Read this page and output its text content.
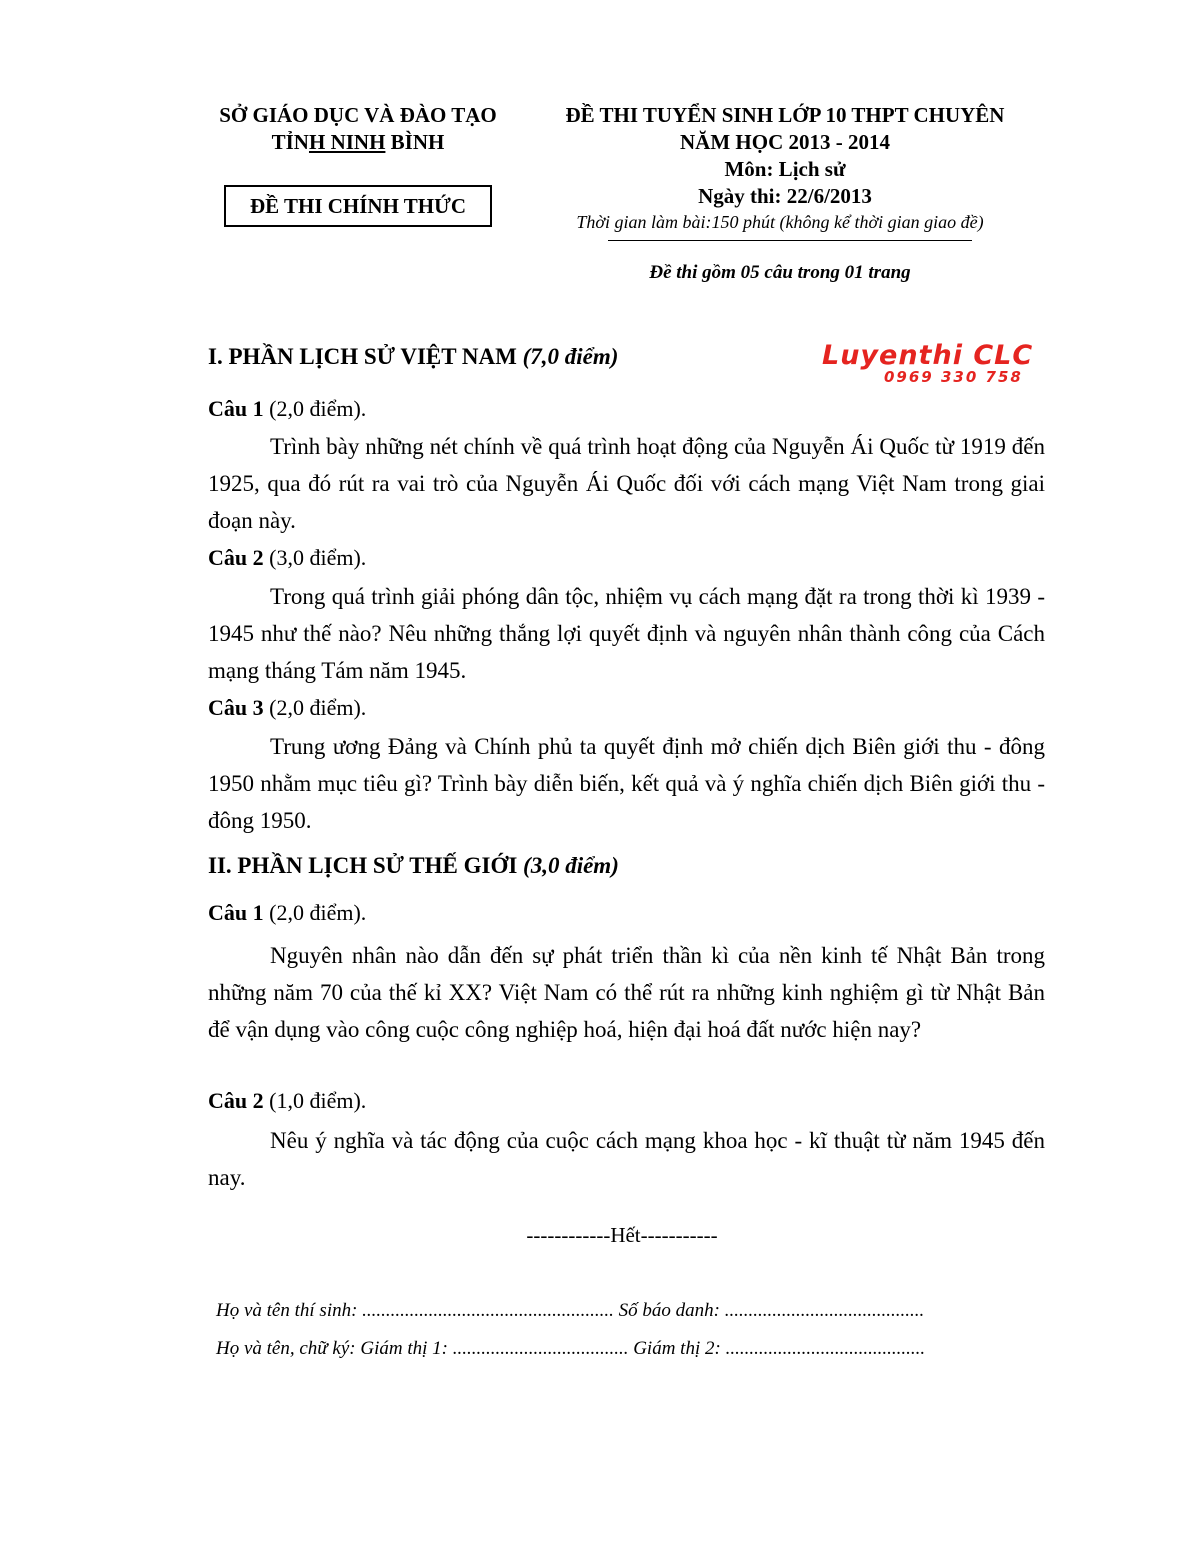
SỞ GIÁO DỤC VÀ ĐÀO TẠO
TỈNH NINH BÌNH
ĐỀ THI CHÍNH THỨC
ĐỀ THI TUYỂN SINH LỚP 10 THPT CHUYÊN
NĂM HỌC 2013 - 2014
Môn: Lịch sử
Ngày thi: 22/6/2013
Thời gian làm bài:150 phút (không kể thời gian giao đề)
Đề thi gồm 05 câu trong 01 trang
Luyenthi CLC
0969 330 758
I. PHẦN LỊCH SỬ VIỆT NAM (7,0 điểm)
Câu 1 (2,0 điểm).
Trình bày những nét chính về quá trình hoạt động của Nguyễn Ái Quốc từ 1919 đến 1925, qua đó rút ra vai trò của Nguyễn Ái Quốc đối với cách mạng Việt Nam trong giai đoạn này.
Câu 2 (3,0 điểm).
Trong quá trình giải phóng dân tộc, nhiệm vụ cách mạng đặt ra trong thời kì 1939 - 1945 như thế nào? Nêu những thắng lợi quyết định và nguyên nhân thành công của Cách mạng tháng Tám năm 1945.
Câu 3 (2,0 điểm).
Trung ương Đảng và Chính phủ ta quyết định mở chiến dịch Biên giới thu - đông 1950 nhằm mục tiêu gì? Trình bày diễn biến, kết quả và ý nghĩa chiến dịch Biên giới thu - đông 1950.
II. PHẦN LỊCH SỬ THẾ GIỚI (3,0 điểm)
Câu 1 (2,0 điểm).
Nguyên nhân nào dẫn đến sự phát triển thần kì của nền kinh tế Nhật Bản trong những năm 70 của thế kỉ XX? Việt Nam có thể rút ra những kinh nghiệm gì từ Nhật Bản để vận dụng vào công cuộc công nghiệp hoá, hiện đại hoá đất nước hiện nay?
Câu 2 (1,0 điểm).
Nêu ý nghĩa và tác động của cuộc cách mạng khoa học - kĩ thuật từ năm 1945 đến nay.
------------Hết-----------
Họ và tên thí sinh: ..................................................... Số báo danh: ..........................................
Họ và tên, chữ ký: Giám thị 1: ..................................... Giám thị 2: ..........................................
